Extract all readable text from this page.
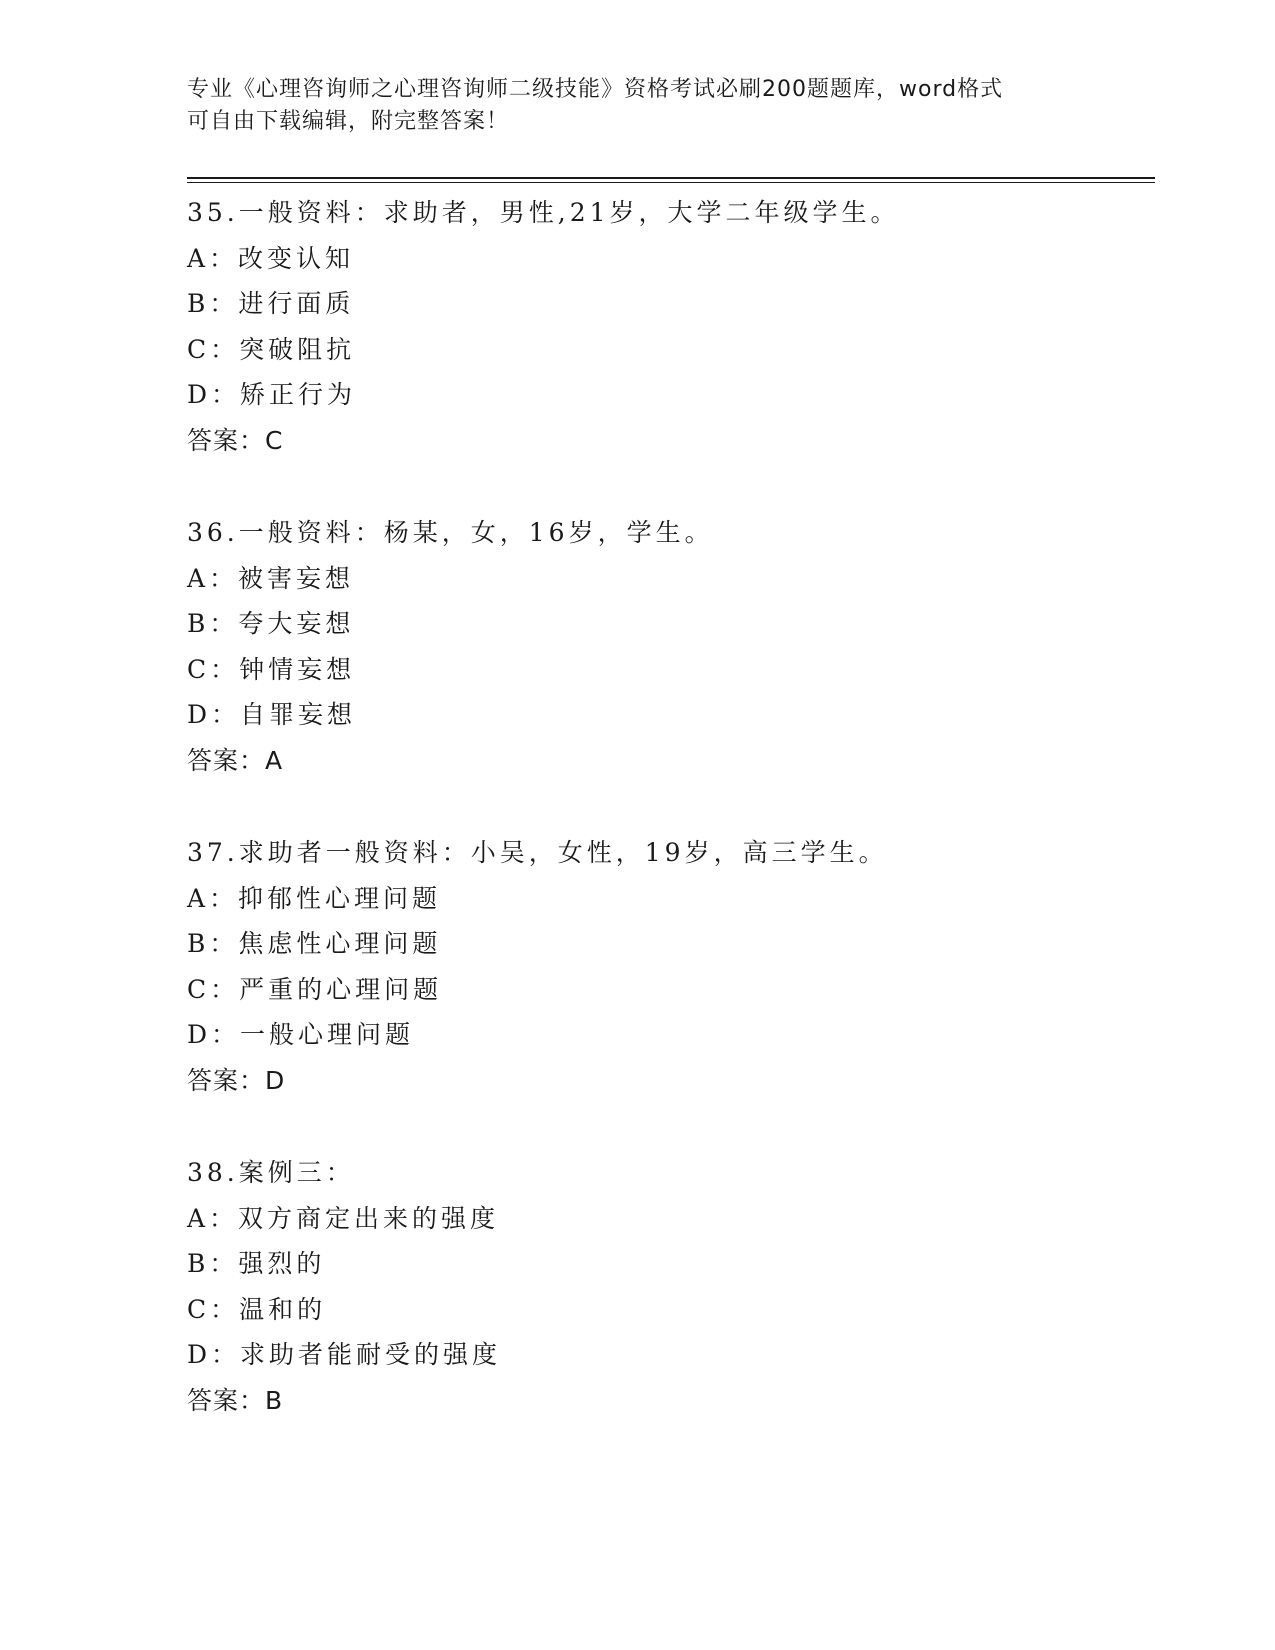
专业《心理咨询师之心理咨询师二级技能》资格考试必刷200题题库，word格式
可自由下载编辑，附完整答案！
35.一般资料：求助者，男性,21岁，大学二年级学生。
A：改变认知
B：进行面质
C：突破阻抗
D：矫正行为
答案：C
36.一般资料：杨某，女，16岁，学生。
A：被害妄想
B：夸大妄想
C：钟情妄想
D：自罪妄想
答案：A
37.求助者一般资料：小吴，女性，19岁，高三学生。
A：抑郁性心理问题
B：焦虑性心理问题
C：严重的心理问题
D：一般心理问题
答案：D
38.案例三：
A：双方商定出来的强度
B：强烈的
C：温和的
D：求助者能耐受的强度
答案：B
